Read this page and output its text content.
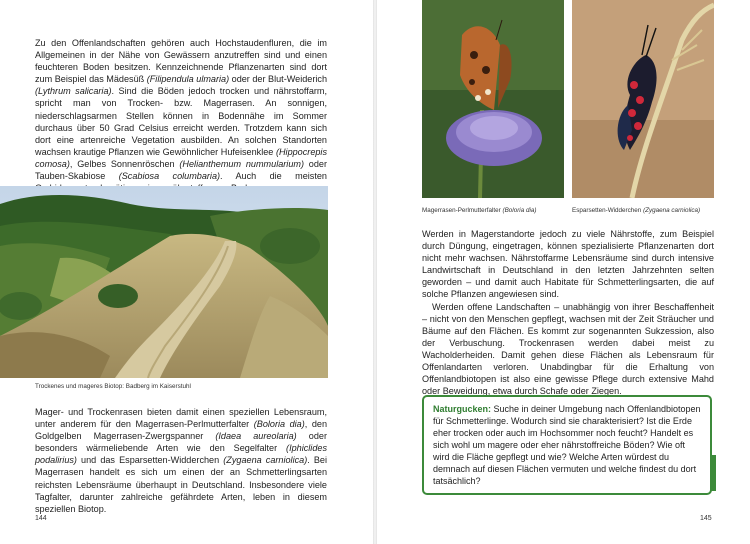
Zu den Offenlandschaften gehören auch Hochstaudenfluren, die im Allgemeinen in der Nähe von Gewässern anzutreffen sind und einen feuchteren Boden besitzen. Kennzeichnende Pflanzenarten sind dort zum Beispiel das Mädesüß (Filipendula ulmaria) oder der Blut-Weiderich (Lythrum salicaria). Sind die Böden jedoch trocken und nährstoffarm, spricht man von Trocken- bzw. Magerrasen. An sonnigen, niederschlagsarmen Stellen können in Bodennähe im Sommer durchaus über 50 Grad Celsius erreicht werden. Trotzdem kann sich dort eine artenreiche Vegetation ausbilden. An solchen Standorten wachsen krautige Pflanzen wie Gewöhnlicher Hufeisenklee (Hippocrepis comosa), Gelbes Sonnenröschen (Helianthemum nummularium) oder Tauben-Skabiose (Scabiosa columbaria). Auch die meisten

Trockenes und mageres Biotop: Badberg im Kaiserstuhl

Mager- und Trockenrasen bieten damit einen speziellen Lebensraum, unter anderem für den Magerrasen-Perlmutterfalter (Boloria dia), den Goldgelben Magerrasen-Zwergspanner (Idaea aureolaria) oder besonders wärmeliebende Arten wie den Segelfalter (Iphiclides podalirius) und das Esparsetten-Widderchen (Zygaena carniolica). Bei Magerrasen handelt es sich um einen der an Schmetterlingsarten reichsten Lebensräume überhaupt in Deutschland. Insbesondere viele Tagfalter, darunter zahlreiche gefährdete Arten, leben in diesem speziellen Biotop.

144

Magerrasen-Perlmutterfalter (Boloria dia)	Esparsetten-Widderchen (Zygaena carniolica)

Werden in Magerstandorte jedoch zu viele Nährstoffe, zum Beispiel durch Düngung, eingetragen, können spezialisierte Pflanzenarten dort nicht mehr wachsen. Nährstoffarme Lebensräume sind durch intensive Landwirtschaft in Deutschland in den letzten Jahrzehnten selten geworden – und damit auch Habitate für Schmetterlingsarten, die auf solche Pflanzen angewiesen sind.

Werden offene Landschaften – unabhängig von ihrer Beschaffenheit – nicht von den Menschen gepflegt, wachsen mit der Zeit Sträucher und Bäume auf den Flächen. Es kommt zur sogenannten Sukzession, also der Verbuschung. Trockenrasen werden dabei meist zu Wacholderheiden. Damit gehen diese Flächen als Lebensraum für Offenlandarten verloren. Unabdingbar für die Erhaltung von Offenlandbiotopen ist also eine gewisse Pflege durch extensive Mahd oder Beweidung, etwa durch Schafe oder Ziegen.

Naturgucken: Suche in deiner Umgebung nach Offenlandbiotopen für Schmetterlinge. Wodurch sind sie charakterisiert? Ist die Erde eher trocken oder auch im Hochsommer noch feucht? Handelt es sich wohl um magere oder eher nährstoffreiche Böden? Wie oft wird die Fläche gepflegt und wie? Welche Arten würdest du demnach auf diesen Flächen vermuten und welche findest du dort tatsächlich?
145
